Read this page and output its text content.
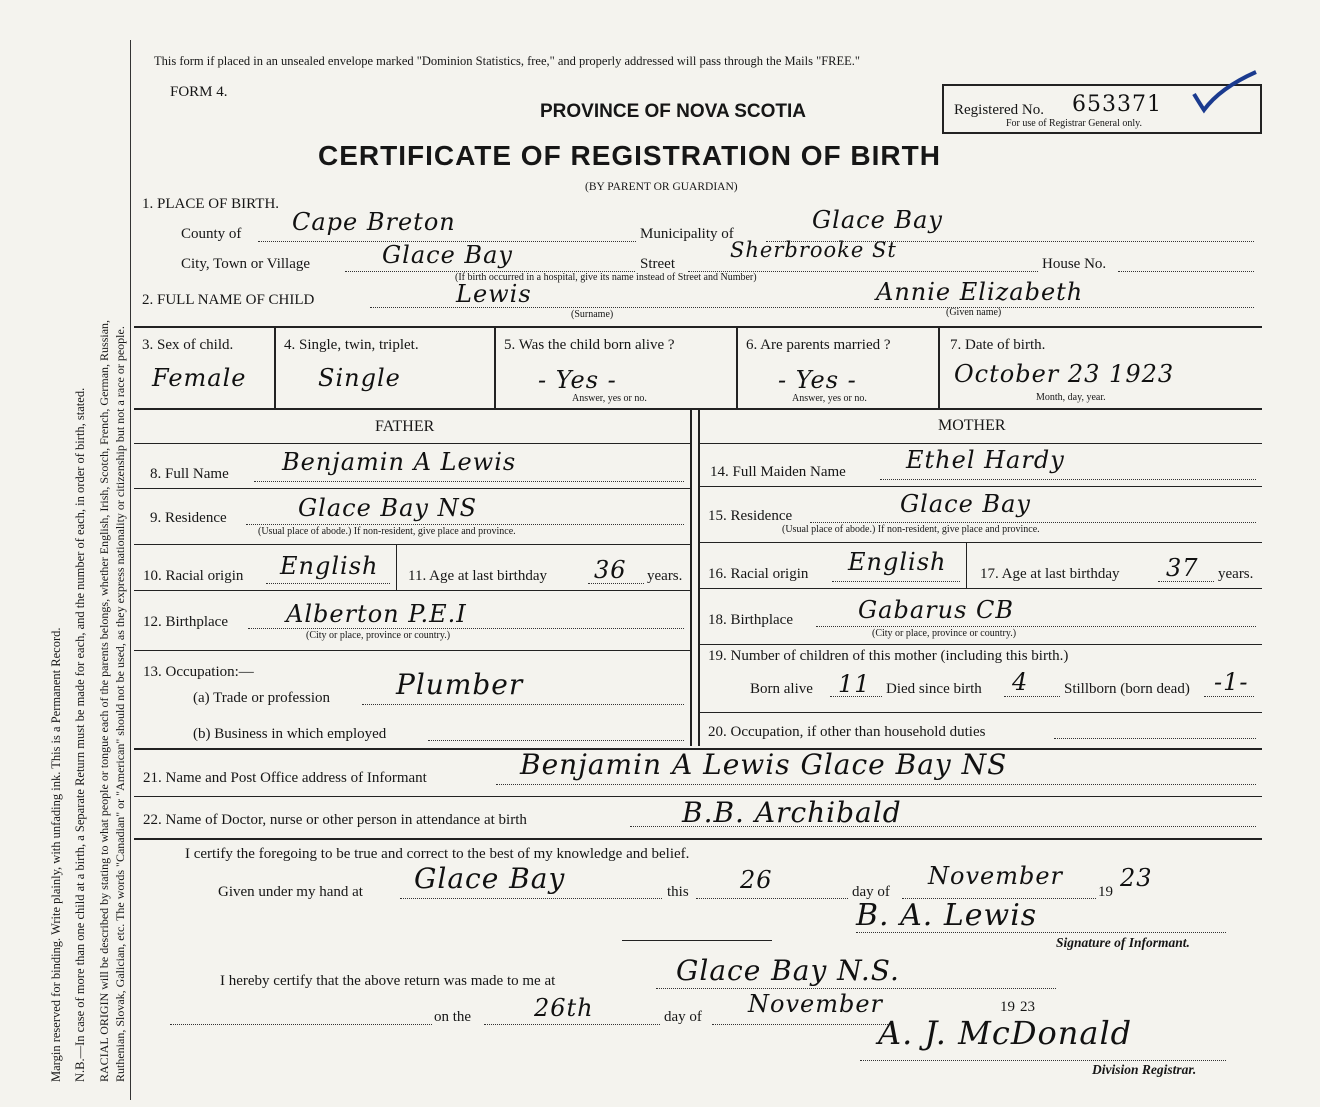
Margin reserved for binding. Write plainly, with unfading ink. This is a Permanent Record. N.B.—In case of more than one child at a birth, a Separate Return must be made for each, and the number of each, in order of birth, stated. RACIAL ORIGIN will be described by stating to what people or tongue each of the parents belongs, whether English, Irish, Scotch, French, German, Russian, Ruthenian, Slovak, Galician, etc. The words "Canadian" or "American" should not be used, as they express nationality or citizenship but not a race or people.
This form if placed in an unsealed envelope marked "Dominion Statistics, free," and properly addressed will pass through the Mails "FREE."
FORM 4.
PROVINCE OF NOVA SCOTIA
CERTIFICATE OF REGISTRATION OF BIRTH
(BY PARENT OR GUARDIAN)
Registered No. 653371
For use of Registrar General only.
1. PLACE OF BIRTH.
County of Cape Breton	Municipality of	Glace Bay
City, Town or Village	Glace Bay	Street
Sherbrooke St
House No.
(If birth occurred in a hospital, give its name instead of Street and Number)
2. FULL NAME OF CHILD	Lewis	Annie Elizabeth
(Surname)	(Given name)
3. Sex of child.
Female
4. Single, twin, triplet.
Single
5. Was the child born alive ?
- Yes -
Answer, yes or no.
6. Are parents married ?
- Yes -
Answer, yes or no.
7. Date of birth.
October 23 1923
Month, day, year.
FATHER	MOTHER
8. Full Name Benjamin A Lewis
9. Residence	Glace Bay NS
(Usual place of abode.) If non-resident, give place and province.
10. Racial origin English 11. Age at last birthday 36 years.
12. Birthplace Alberton P.E.I
(City or place, province or country.)
13. Occupation:—
(a) Trade or profession Plumber
(b) Business in which employed
14. Full Maiden Name	Ethel Hardy
15. Residence	Glace Bay
(Usual place of abode.) If non-resident, give place and province.
16. Racial origin English 17. Age at last birthday 37 years.
18. Birthplace	Gabarus CB
(City or place, province or country.)
19. Number of children of this mother (including this birth.)
Born alive 11 Died since birth 4 Stillborn (born dead) -1-
20. Occupation, if other than household duties
21. Name and Post Office address of Informant	Benjamin A Lewis Glace Bay NS
22. Name of Doctor, nurse or other person in attendance at birth	B.B. Archibald
I certify the foregoing to be true and correct to the best of my knowledge and belief.
Given under my hand at Glace Bay	this 26	day of
November
19 23
B. A. Lewis
Signature of Informant.
I hereby certify that the above return was made to me at	Glace Bay N.S.
on the	26th	day of November	19 23
A. J. McDonald
Division Registrar.
